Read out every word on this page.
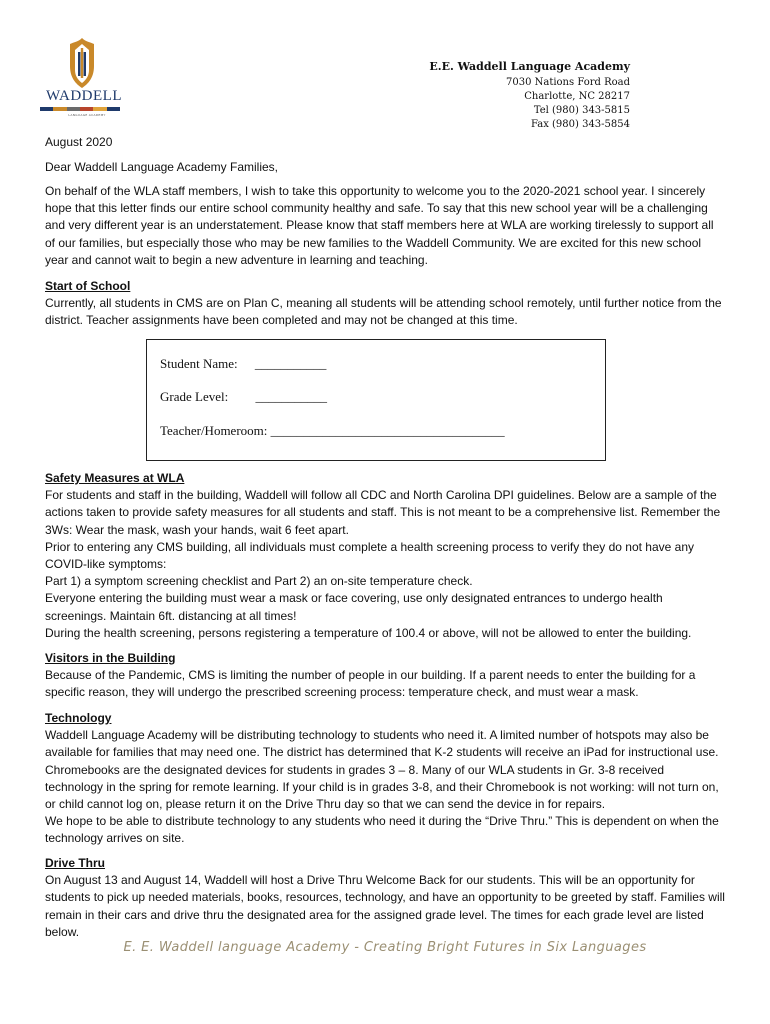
WADDELL
LANGUAGE ACADEMY
E.E. Waddell Language Academy
7030 Nations Ford Road
Charlotte, NC 28217
Tel (980) 343-5815
Fax (980) 343-5854
August 2020
Dear Waddell Language Academy Families,
On behalf of the WLA staff members, I wish to take this opportunity to welcome you to the 2020-2021 school year. I sincerely hope that this letter finds our entire school community healthy and safe. To say that this new school year will be a challenging and very different year is an understatement. Please know that staff members here at WLA are working tirelessly to support all of our families, but especially those who may be new families to the Waddell Community. We are excited for this new school year and cannot wait to begin a new adventure in learning and teaching.

Start of School

Currently, all students in CMS are on Plan C, meaning all students will be attending school remotely, until further notice from the district. Teacher assignments have been completed and may not be changed at this time.

Student Name: ___________
Grade Level: ___________
Teacher/Homeroom: ____________________________________

Safety Measures at WLA

For students and staff in the building, Waddell will follow all CDC and North Carolina DPI guidelines. Below are a sample of the actions taken to provide safety measures for all students and staff. This is not meant to be a comprehensive list. Remember the 3Ws: Wear the mask, wash your hands, wait 6 feet apart.

Prior to entering any CMS building, all individuals must complete a health screening process to verify they do not have any COVID-like symptoms:

Part 1) a symptom screening checklist and Part 2) an on-site temperature check.

Everyone entering the building must wear a mask or face covering, use only designated entrances to undergo health screenings. Maintain 6ft. distancing at all times!

During the health screening, persons registering a temperature of 100.4 or above, will not be allowed to enter the building.

Visitors in the Building

Because of the Pandemic, CMS is limiting the number of people in our building. If a parent needs to enter the building for a specific reason, they will undergo the prescribed screening process: temperature check, and must wear a mask.

Technology

Waddell Language Academy will be distributing technology to students who need it. A limited number of hotspots may also be available for families that may need one. The district has determined that K-2 students will receive an iPad for instructional use. Chromebooks are the designated devices for students in grades 3 – 8. Many of our WLA students in Gr. 3-8 received technology in the spring for remote learning. If your child is in grades 3-8, and their Chromebook is not working: will not turn on, or child cannot log on, please return it on the Drive Thru day so that we can send the device in for repairs.

We hope to be able to distribute technology to any students who need it during the “Drive Thru.” This is dependent on when the technology arrives on site.

Drive Thru

On August 13 and August 14, Waddell will host a Drive Thru Welcome Back for our students. This will be an opportunity for students to pick up needed materials, books, resources, technology, and have an opportunity to be greeted by staff. Families will remain in their cars and drive thru the designated area for the assigned grade level. The times for each grade level are listed below.

E. E. Waddell language Academy - Creating Bright Futures in Six Languages
